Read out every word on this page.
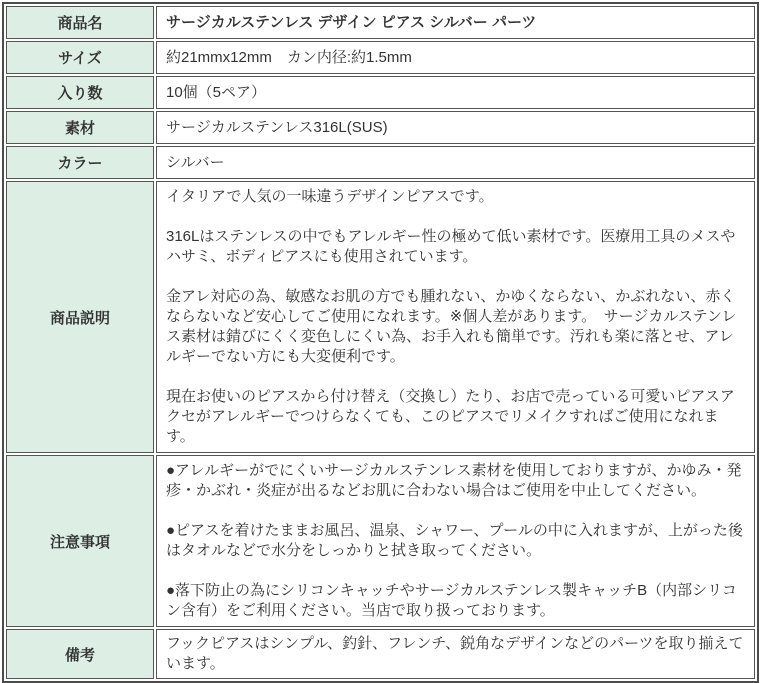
商品名	サージカルステンレス デザイン ピアス シルバー パーツ
サイズ	約21mmx12mm　カン内径:約1.5mm
入り数	10個（5ペア）
素材	サージカルステンレス316L(SUS)
カラー	シルバー
商品説明	イタリアで人気の一味違うデザインピアスです。

316Lはステンレスの中でもアレルギー性の極めて低い素材です。医療用工具のメスやハサミ、ボディピアスにも使用されています。

金アレ対応の為、敏感なお肌の方でも腫れない、かゆくならない、かぶれない、赤くならないなど安心してご使用になれます。※個人差があります。　サージカルステンレス素材は錆びにくく変色しにくい為、お手入れも簡単です。汚れも楽に落とせ、アレルギーでない方にも大変便利です。

現在お使いのピアスから付け替え（交換し）たり、お店で売っている可愛いピアスアクセがアレルギーでつけらなくても、このピアスでリメイクすればご使用になれます。

注意事項	●アレルギーがでにくいサージカルステンレス素材を使用しておりますが、かゆみ・発疹・かぶれ・炎症が出るなどお肌に合わない場合はご使用を中止してください。

●ピアスを着けたままお風呂、温泉、シャワー、プールの中に入れますが、上がった後はタオルなどで水分をしっかりと拭き取ってください。

●落下防止の為にシリコンキャッチやサージカルステンレス製キャッチB（内部シリコン含有）をご利用ください。当店で取り扱っております。

備考	フックピアスはシンプル、釣針、フレンチ、鋭角なデザインなどのパーツを取り揃えています。
